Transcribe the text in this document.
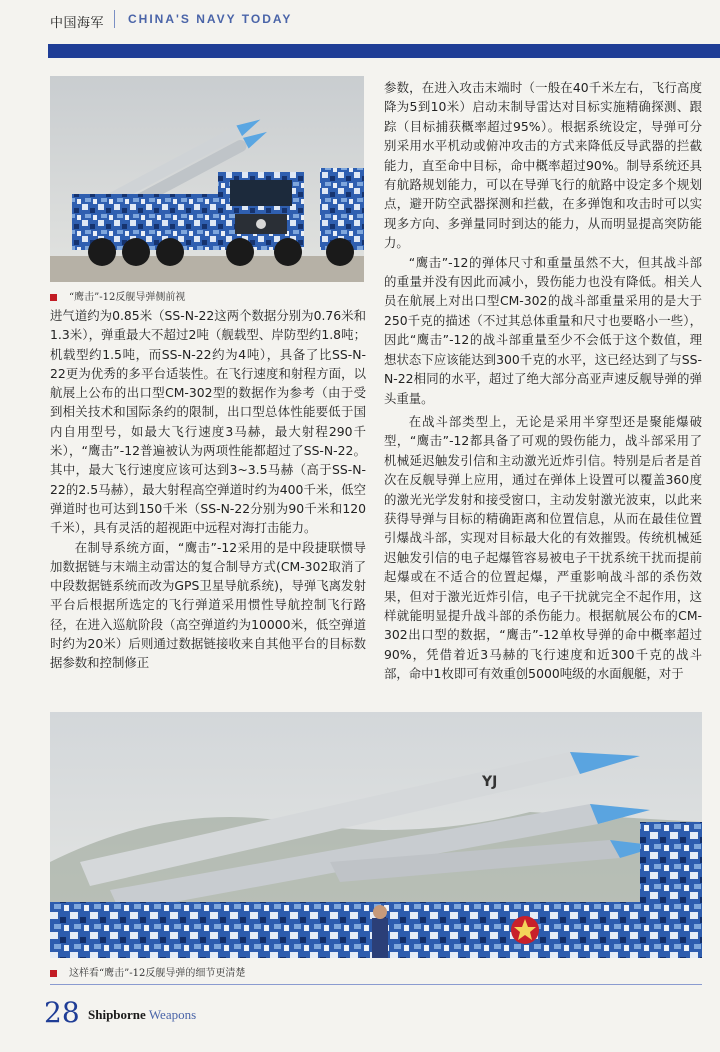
中国海军 CHINA'S NAVY TODAY
“鹰击”-12反舰导弹侧前视

进气道约为0.85米（SS-N-22这两个数据分别为0.76米和1.3米），弹重最大不超过2吨（舰载型、岸防型约1.8吨；机载型约1.5吨，而SS-N-22约为4吨），具备了比SS-N-22更为优秀的多平台适装性。在飞行速度和射程方面，以航展上公布的出口型CM-302型的数据作为参考（由于受到相关技术和国际条约的限制，出口型总体性能要低于国内自用型号，如最大飞行速度3马赫，最大射程290千米），“鹰击”-12普遍被认为两项性能都超过了SS-N-22。其中，最大飞行速度应该可达到3~3.5马赫（高于SS-N-22的2.5马赫），最大射程高空弹道时约为400千米，低空弹道时也可达到150千米（SS-N-22分别为90千米和120千米），具有灵活的超视距中远程对海打击能力。

在制导系统方面，“鹰击”-12采用的是中段捷联惯导加数据链与末端主动雷达的复合制导方式(CM-302取消了中段数据链系统而改为GPS卫星导航系统)，导弹飞离发射平台后根据所选定的飞行弹道采用惯性导航控制飞行路径，在进入巡航阶段（高空弹道约为10000米，低空弹道时约为20米）后则通过数据链接收来自其他平台的目标数据参数和控制修正

参数，在进入攻击末端时（一般在40千米左右，飞行高度降为5到10米）启动末制导雷达对目标实施精确探测、跟踪（目标捕获概率超过95%）。根据系统设定，导弹可分别采用水平机动或俯冲攻击的方式来降低反导武器的拦截能力，直至命中目标，命中概率超过90%。制导系统还具有航路规划能力，可以在导弹飞行的航路中设定多个规划点，避开防空武器探测和拦截，在多弹饱和攻击时可以实现多方向、多弹量同时到达的能力，从而明显提高突防能力。

“鹰击”-12的弹体尺寸和重量虽然不大，但其战斗部的重量并没有因此而减小，毁伤能力也没有降低。相关人员在航展上对出口型CM-302的战斗部重量采用的是大于250千克的描述（不过其总体重量和尺寸也要略小一些），因此“鹰击”-12的战斗部重量至少不会低于这个数值，理想状态下应该能达到300千克的水平，这已经达到了与SS-N-22相同的水平，超过了绝大部分高亚声速反舰导弹的弹头重量。

在战斗部类型上，无论是采用半穿型还是聚能爆破型，“鹰击”-12都具备了可观的毁伤能力，战斗部采用了机械延迟触发引信和主动激光近炸引信。特别是后者是首次在反舰导弹上应用，通过在弹体上设置可以覆盖360度的激光光学发射和接受窗口，主动发射激光波束，以此来获得导弹与目标的精确距离和位置信息，从而在最佳位置引爆战斗部，实现对目标最大化的有效摧毁。传统机械延迟触发引信的电子起爆管容易被电子干扰系统干扰而提前起爆或在不适合的位置起爆，严重影响战斗部的杀伤效果，但对于激光近炸引信，电子干扰就完全不起作用，这样就能明显提升战斗部的杀伤能力。根据航展公布的CM-302出口型的数据，“鹰击”-12单枚导弹的命中概率超过90%，凭借着近3马赫的飞行速度和近300千克的战斗部，命中1枚即可有效重创5000吨级的水面舰艇，对于

YJ
这样看“鹰击”-12反舰导弹的细节更清楚
28 Shipborne Weapons
